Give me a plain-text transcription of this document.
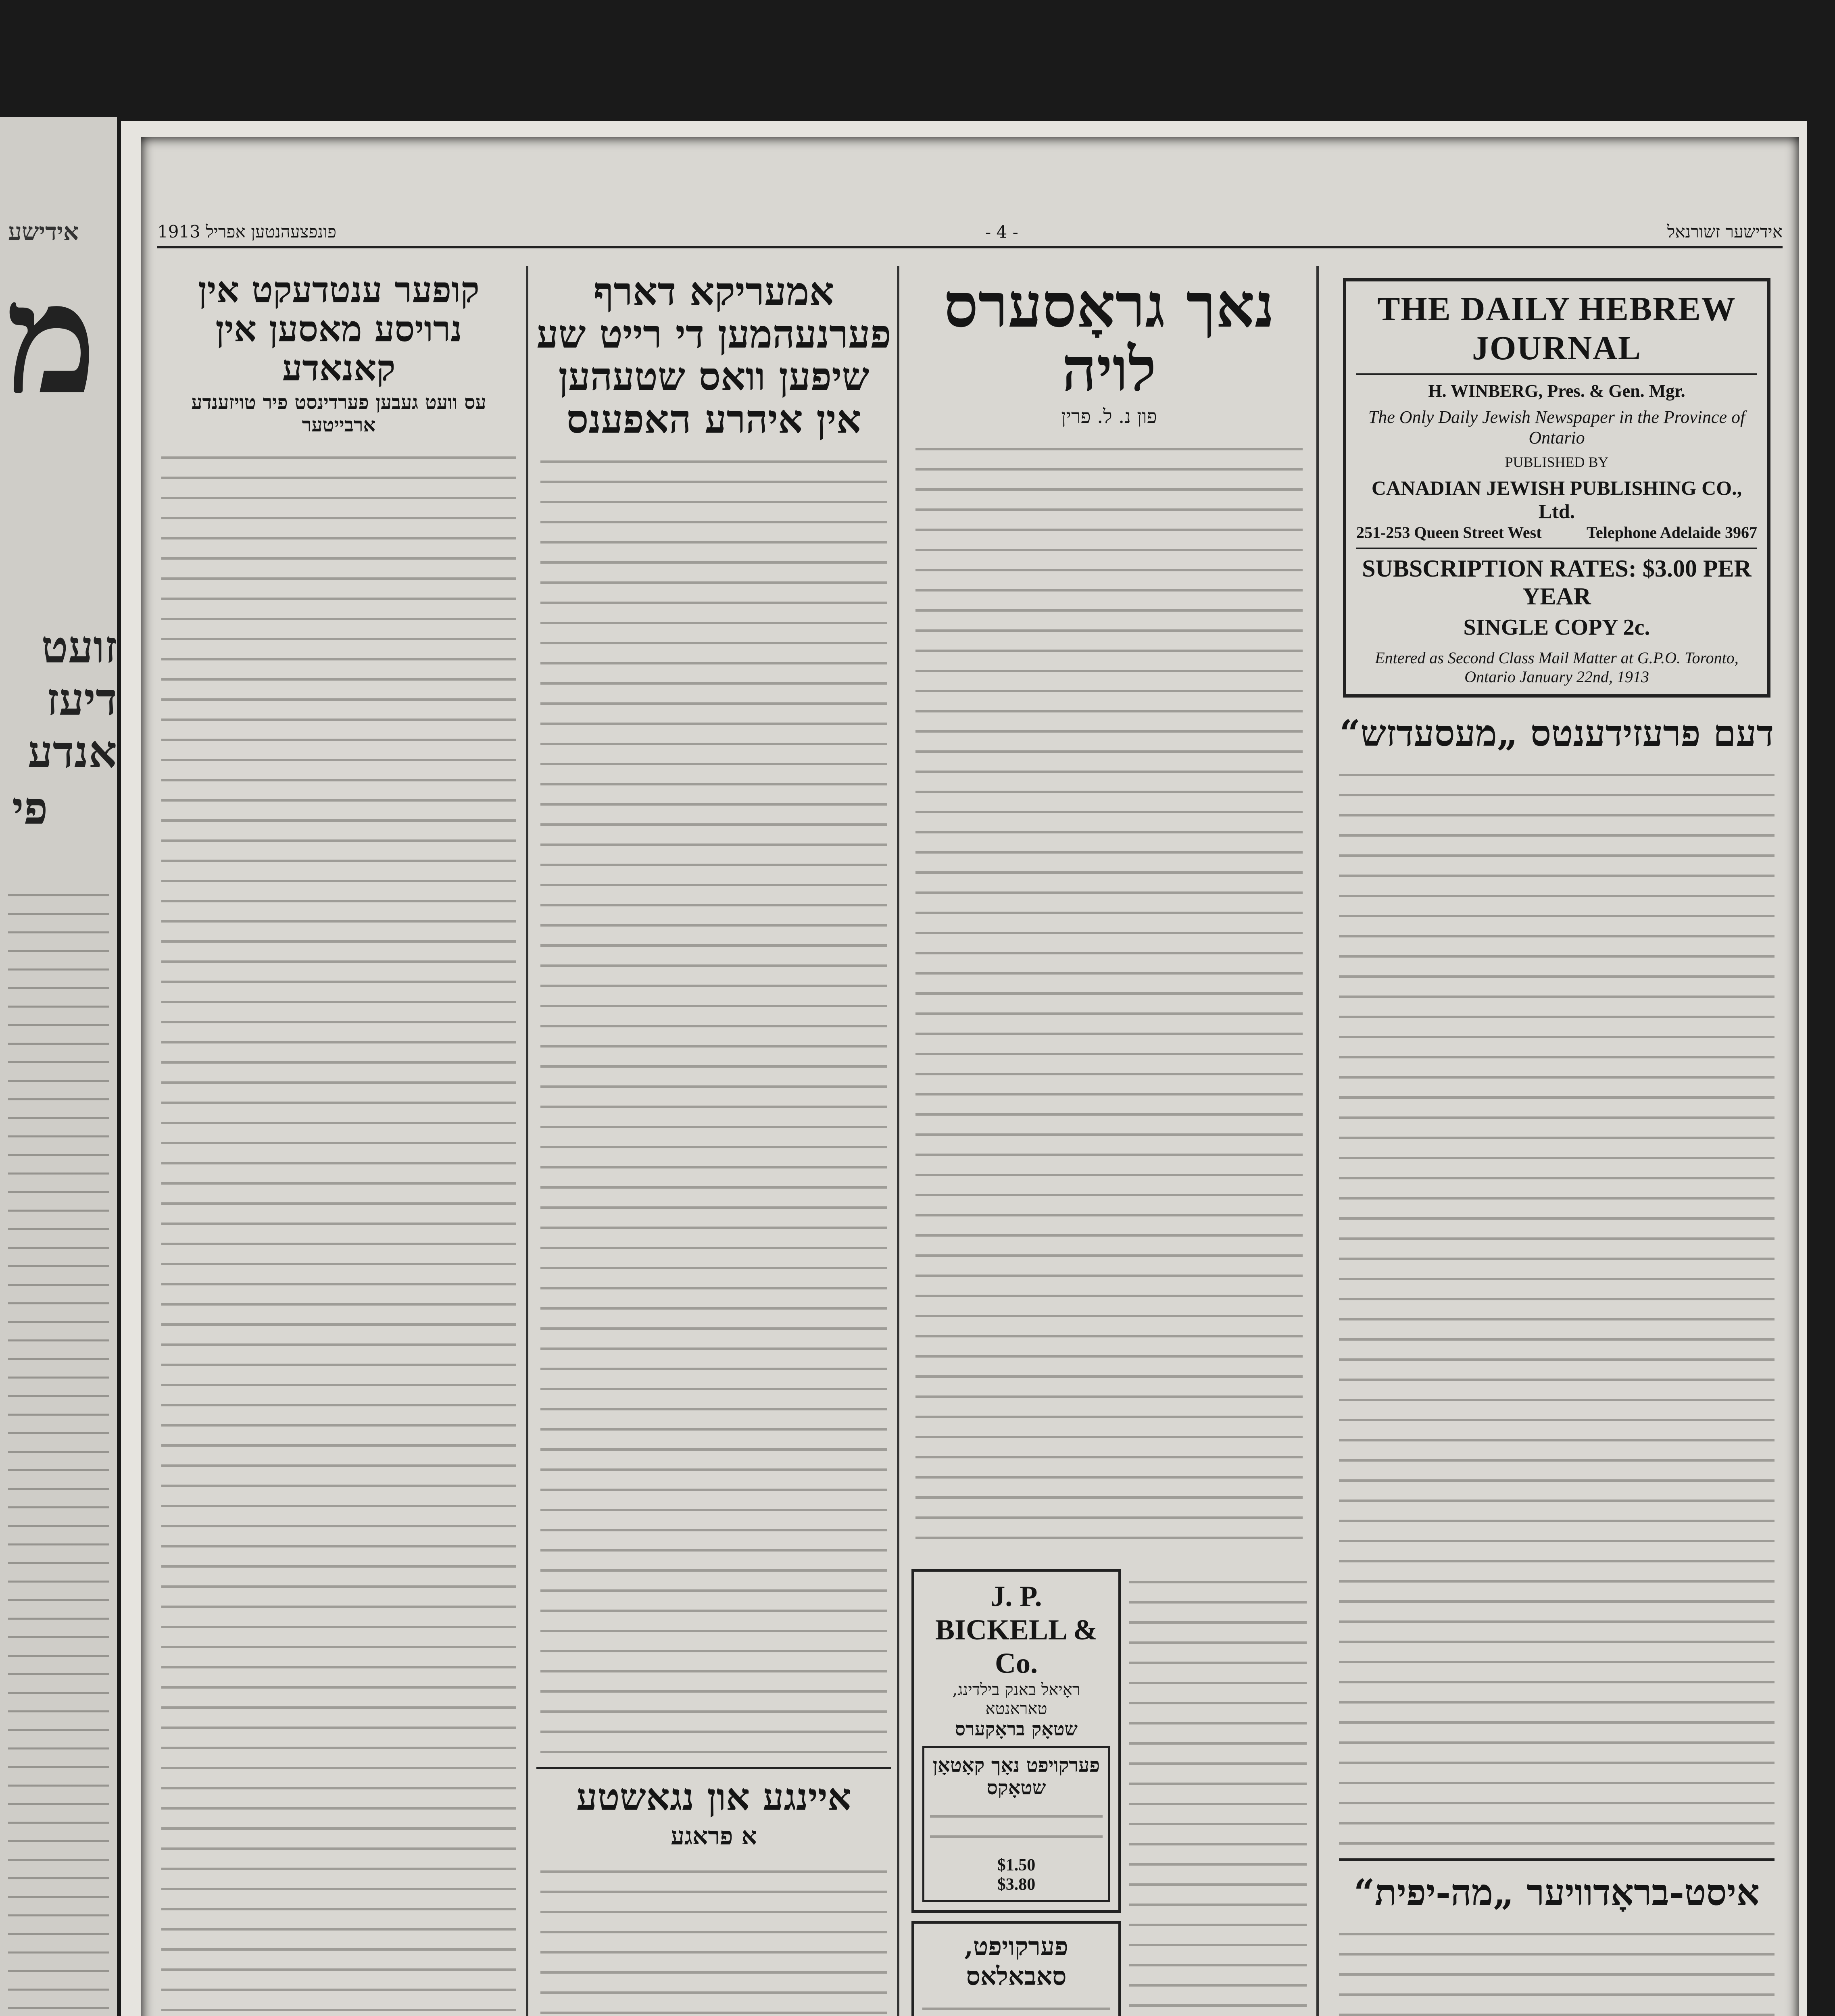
אידישע
מ
זועט דיעז אנדע
פי
אידישער זשורנאל
- 4 -
פונפצעהנטען אפריל 1913
THE DAILY HEBREW JOURNAL
H. WINBERG, Pres. & Gen. Mgr.
The Only Daily Jewish Newspaper in the Province of Ontario
PUBLISHED BY
CANADIAN JEWISH PUBLISHING CO., Ltd.
251-253 Queen Street West	Telephone Adelaide 3967
SUBSCRIPTION RATES: $3.00 PER YEAR
SINGLE COPY 2c.
Entered as Second Class Mail Matter at G.P.O. Toronto, Ontario January 22nd, 1913
דעם פרעזידענטס „מעסעדזש“
איסט-בראָדוויער „מה-יפית“
נאך גראָסערס לויה
פון נ. ל. פרין
J. P. BICKELL & Co.
ראָיאל באנק בילדינג, טאראנטא
שטאָק בראָקערס
פערקויפט נאָך קאָטאָן שטאָקס
$1.50
$3.80
פערקויפט, סאבאלאס
אמעריקא דארף פערנעהמען די רייט שע שיפען וואס שטעהען אין איהרע האפענס
איינגע און נגאשטע
א פראגע
קופער ענטדעקט אין נרויסע מאסען אין קאנאדע
עס וועט געבען פערדינסט פיר טויזענדע ארבייטער
